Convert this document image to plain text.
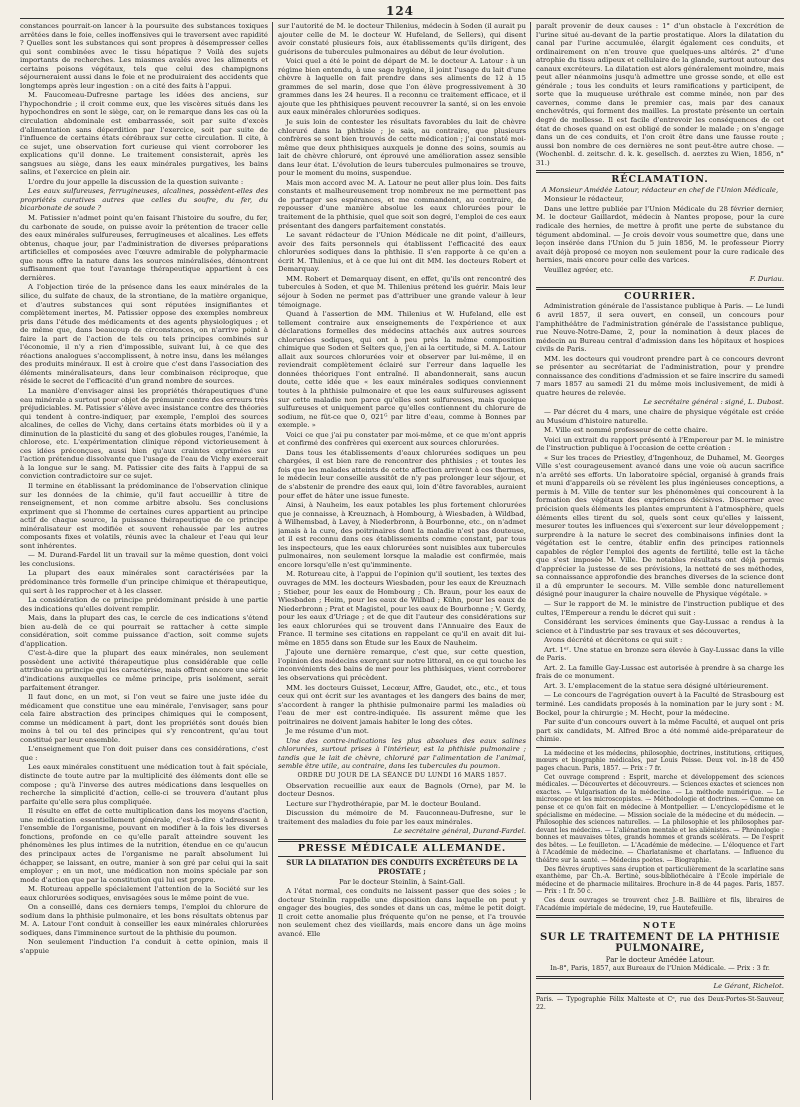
124

constances pourrait-on lancer à la poursuite des substances toxiques arrêtées dans le foie, celles inoffensives qui le traversent avec rapidité ? Quelles sont les substances qui sont propres à désempresser celles qui sont combinées avec le tissu hépatique ? Voilà des sujets importants de recherches. Les miasmes avalés avec les aliments et certains poisons végétaux, tels que celui des champignons séjourneraient aussi dans le foie et ne produiraient des accidents que longtemps après leur ingestion : on a cité des faits à l'appui.

M. Faucomeau-Dufresne partage les idées des anciens, sur l'hypochondrie ; il croit comme eux, que les viscères situés dans les hypochondres en sont le siège, car, on le remarque dans les cas où la circulation abdominale est embarrassée, soit par suite d'excès d'alimentation sans déperdition par l'exercice, soit par suite de l'influence de certains états cérébraux sur cette circulation. Il cite, à ce sujet, une observation fort curieuse qui vient corroborer les explications qu'il donne. Le traitement consisterait, après les sangsues au siège, dans les eaux minérales purgatives, les bains salins, et l'exercice en plein air.

L'ordre du jour appelle la discussion de la question suivante :

Les eaux sulfureuses, ferrugineuses, alcalines, possèdent-elles des propriétés curatives autres que celles du soufre, du fer, du bicarbonate de soude ?

M. Patissier n'admet point qu'en faisant l'histoire du soufre, du fer, du carbonate de soude, on puisse avoir la prétention de tracer celle des eaux minérales sulfureuses, ferrugineuses et alcalines. Les effets obtenus, chaque jour, par l'administration de diverses préparations artificielles et composées avec l'œuvre admirable de polypharmacie que nous offre la nature dans les sources minéralisées, démontrent suffisamment que tout l'avantage thérapeutique appartient à ces dernières.

A l'objection tirée de la présence dans les eaux minérales de la silice, du sulfate de chaux, de la strontiane, de la matière organique, et d'autres substances qui sont réputées insignifiantes et complètement inertes, M. Patissier oppose des exemples nombreux pris dans l'étude des médicaments et des agents physiologiques ; et de même que, dans beaucoup de circonstances, on n'arrive point à faire la part de l'action de tels ou tels principes combinés sur l'économie, il n'y a rien d'impossible, suivant lui, à ce que des réactions analogues s'accomplissent, à notre insu, dans les mélanges des produits minéraux. Il est à croire que c'est dans l'association des éléments minéralisateurs, dans leur combinaison réciproque, que réside le secret de l'efficacité d'un grand nombre de sources.

La manière d'envisager ainsi les propriétés thérapeutiques d'une eau minérale a surtout pour objet de prémunir contre des erreurs très préjudiciables. M. Patissier s'élève avec insistance contre des théories qui tendent à contre-indiquer, par exemple, l'emploi des sources alcalines, de celles de Vichy, dans certains états morbides où il y a diminution de la plasticité du sang et des globules rouges, l'anémie, la chlorose, etc. L'expérimentation clinique répond victorieusement à ces idées préconçues, aussi bien qu'aux craintes exprimées sur l'action prétendue dissolvante que l'usage de l'eau de Vichy exercerait à la longue sur le sang. M. Patissier cite des faits à l'appui de sa conviction contradictoire sur ce sujet.

Il termine en établissant la prédominance de l'observation clinique sur les données de la chimie, qu'il faut accueillir à titre de renseignement, et non comme arbitre absolu. Ses conclusions expriment que si l'homme de certaines cures appartient au principe actif de chaque source, la puissance thérapeutique de ce principe minéralisateur est modifiée et souvent rehaussée par les autres composants fixes et volatils, réunis avec la chaleur et l'eau qui leur sont inhérentes.

— M. Durand-Fardel lit un travail sur la même question, dont voici les conclusions.

La plupart des eaux minérales sont caractérisées par la prédominance très formelle d'un principe chimique et thérapeutique, qui sert à les rapprocher et à les classer.

La considération de ce principe prédominant préside à une partie des indications qu'elles doivent remplir.

Mais, dans la plupart des cas, le cercle de ces indications s'étend bien au-delà de ce qui pourrait se rattacher à cette simple considération, soit comme puissance d'action, soit comme sujets d'application.

C'est-à-dire que la plupart des eaux minérales, non seulement possèdent une activité thérapeutique plus considérable que celle attribuée au principe qui les caractérise, mais offrent encore une série d'indications auxquelles ce même principe, pris isolément, serait parfaitement étranger.

Il faut donc, en un mot, si l'on veut se faire une juste idée du médicament que constitue une eau minérale, l'envisager, sans pour cela faire abstraction des principes chimiques qui le composent, comme un médicament à part, dont les propriétés sont doués bien moins à tel ou tel des principes qui s'y rencontrent, qu'au tout constitué par leur ensemble.

L'enseignement que l'on doit puiser dans ces considérations, c'est que :

Les eaux minérales constituent une médication tout à fait spéciale, distincte de toute autre par la multiplicité des éléments dont elle se compose ; qu'à l'inverse des autres médications dans lesquelles on recherche la simplicité d'action, celle-ci se trouvera d'autant plus parfaite qu'elle sera plus compliquée.

Il résulte en effet de cette multiplication dans les moyens d'action, une médication essentiellement générale, c'est-à-dire s'adressant à l'ensemble de l'organisme, pouvant en modifier à la fois les diverses fonctions, profonde en ce qu'elle paraît atteindre souvent les phénomènes les plus intimes de la nutrition, étendue en ce qu'aucun des principaux actes de l'organisme ne paraît absolument lui échapper, se laissant, en outre, manier à son gré par celui qui la sait employer ; en un mot, une médication non moins spéciale par son mode d'action que par la constitution qui lui est propre.

M. Rotureau appelle spécialement l'attention de la Société sur les eaux chlorurées sodiques, envisagées sous le même point de vue.

On a conseillé, dans ces derniers temps, l'emploi du chlorure de sodium dans la phthisie pulmonaire, et les bons résultats obtenus par M. A. Latour l'ont conduit à conseiller les eaux minérales chlorurées sodiques, dans l'imminence surtout de la phthisie du poumon.

Non seulement l'induction l'a conduit à cette opinion, mais il s'appuie

sur l'autorité de M. le docteur Thilenius, médecin à Soden (il aurait pu ajouter celle de M. le docteur W. Hufeland, de Sellers), qui disent avoir constaté plusieurs fois, aux établissements qu'ils dirigent, des guérisons de tubercules pulmonaires au début de leur évolution.

Voici quel a été le point de départ de M. le docteur A. Latour : à un régime bien entendu, à une sage hygiène, il joint l'usage du lait d'une chèvre à laquelle on fait prendre dans ses aliments de 12 à 15 grammes de sel marin, dose que l'on élève progressivement à 30 grammes dans les 24 heures. Il a reconnu ce traitement efficace, et il ajoute que les phthisiques peuvent recouvrer la santé, si on les envoie aux eaux minérales chlorurées sodiques.

Je suis loin de contester les résultats favorables du lait de chèvre chloruré dans la phthisie ; je sais, au contraire, que plusieurs confrères se sont bien trouvés de cette médication ; j'ai constaté moi-même que deux phthisiques auxquels je donne des soins, soumis au lait de chèvre chloruré, ont éprouvé une amélioration assez sensible dans leur état. L'évolution de leurs tubercules pulmonaires se trouve, pour le moment du moins, suspendue.

Mais mon accord avec M. A. Latour ne peut aller plus loin. Des faits constants et malheureusement trop nombreux ne me permettent pas de partager ses espérances, et me commandent, au contraire, de repousser d'une manière absolue les eaux chlorurées pour le traitement de la phthisie, quel que soit son degré, l'emploi de ces eaux présentant des dangers parfaitement constatés.

Le savant rédacteur de l'Union Médicale ne dit point, d'ailleurs, avoir des faits personnels qui établissent l'efficacité des eaux chlorurées sodiques dans la phthisie. Il s'en rapporte à ce qu'en a écrit M. Thilenius, et à ce que lui ont dit MM. les docteurs Robert et Demarquay.

MM. Robert et Demarquay disent, en effet, qu'ils ont rencontré des tubercules à Soden, et que M. Thilenius prétend les guérir. Mais leur séjour à Soden ne permet pas d'attribuer une grande valeur à leur témoignage.

Quand à l'assertion de MM. Thilenius et W. Hufeland, elle est tellement contraire aux enseignements de l'expérience et aux déclarations formelles des médecins attachés aux autres sources chlorurées sodiques, qui ont à peu près la même composition chimique que Soden et Selters que, j'en ai la certitude, si M. A. Latour allait aux sources chlorurées voir et observer par lui-même, il en reviendrait complètement éclairé sur l'erreur dans laquelle les données théoriques l'ont entraîné. Il abandonnerait, sans aucun doute, cette idée que « les eaux minérales sodiques conviennent toutes à la phthisie pulmonaire et que les eaux sulfureuses agissent sur cette maladie non parce qu'elles sont sulfureuses, mais quoique sulfureuses et uniquement parce qu'elles contiennent du chlorure de sodium, ne fût-ce que 0, 021ᴳ par litre d'eau, comme à Bonnes par exemple. »

Voici ce que j'ai pu constater par moi-même, et ce que m'ont appris et confirmé des confrères qui exercent aux sources chlorurées.

Dans tous les établissements d'eaux chlorurées sodiques un peu chargées, il est bien rare de rencontrer des phthisies ; et toutes les fois que les malades atteints de cette affection arrivent à ces thermes, le médecin leur conseille aussitôt de n'y pas prolonger leur séjour, et de s'abstenir de prendre des eaux qui, loin d'être favorables, auraient pour effet de hâter une issue funeste.

Ainsi, à Nauheim, les eaux potables les plus fortement chlorurées que je connaisse, à Kreuznach, à Hombourg, à Wiesbaden, à Wildbad, à Wilhemsbad, à Lavey, à Niederbronn, à Bourbonne, etc., on n'admet jamais à la cure, des poitrinaires dont la maladie n'est pas douteuse, et il est reconnu dans ces établissements comme constant, par tous les inspecteurs, que les eaux chlorurées sont nuisibles aux tubercules pulmonaires, non seulement lorsque la maladie est confirmée, mais encore lorsqu'elle n'est qu'imminente.

M. Rotureau cite, à l'appui de l'opinion qu'il soutient, les textes des ouvrages de MM. les docteurs Wiesbaden, pour les eaux de Kreuznach ; Stieber, pour les eaux de Hombourg ; Ch. Braun, pour les eaux de Wiesbaden ; Heim, pour les eaux de Wilbad ; Kühn, pour les eaux de Niederbronn ; Prat et Magistel, pour les eaux de Bourbonne ; V. Gerdy, pour les eaux d'Uriage ; et de que dit l'auteur des considérations sur les eaux chlorurées qui se trouvent dans l'Annuaire des Eaux de France. Il termine ses citations en rappelant ce qu'il en avait dit lui-même en 1855 dans son Étude sur les Eaux de Nauheim.

J'ajoute une dernière remarque, c'est que, sur cette question, l'opinion des médecins exerçant sur notre littoral, en ce qui touche les inconvénients des bains de mer pour les phthisiques, vient corroborer les observations qui précèdent.

MM. les docteurs Guisset, Lecœur, Affre, Gaudet, etc., etc., et tous ceux qui ont écrit sur les avantages et les dangers des bains de mer, s'accordent à ranger la phthisie pulmonaire parmi les maladies où l'eau de mer est contre-indiquée. Ils assurent même que les poitrinaires ne doivent jamais habiter le long des côtes.

Je me résume d'un mot.

Une des contre-indications les plus absolues des eaux salines chlorurées, surtout prises à l'intérieur, est la phthisie pulmonaire ; tandis que le lait de chèvre, chloruré par l'alimentation de l'animal, semble être utile, au contraire, dans les tubercules du poumon.

ORDRE DU JOUR DE LA SÉANCE DU LUNDI 16 MARS 1857.

Observation recueillie aux eaux de Bagnols (Orne), par M. le docteur Desnos.

Lecture sur l'hydrothérapie, par M. le docteur Bouland.

Discussion du mémoire de M. Fauconneau-Dufresne, sur le traitement des maladies du foie par les eaux minérales.

Le secrétaire général, Durand-Fardel.

PRESSE MÉDICALE ALLEMANDE.
SUR LA DILATATION DES CONDUITS EXCRÉTEURS DE LA PROSTATE ;

Par le docteur Steinlin, à Saint-Gall.

A l'état normal, ces conduits ne laissent passer que des soies ; le docteur Steinlin rappelle une disposition dans laquelle on peut y engager des bougies, des sondes et dans un cas, même le petit doigt. Il croit cette anomalie plus fréquente qu'on ne pense, et l'a trouvée non seulement chez des vieillards, mais encore dans un âge moins avancé. Elle

paraît provenir de deux causes : 1° d'un obstacle à l'excrétion de l'urine situé au-devant de la partie prostatique. Alors la dilatation du canal par l'urine accumulée, élargit également ces conduits, et ordinairement on n'en trouve que quelques-uns altérés. 2° d'une atrophie du tissu adipeux et cellulaire de la glande, surtout autour des canaux excréteurs. La dilatation est alors généralement moindre, mais peut aller néanmoins jusqu'à admettre une grosse sonde, et elle est générale ; tous les conduits et leurs ramifications y participent, de sorte que la muqueuse uréthrale est comme minée, non par des cavernes, comme dans le premier cas, mais par des canaux enchevêtrés, qui forment des mailles. La prostate présente un certain degré de mollesse. Il est facile d'entrevoir les conséquences de cet état de choses quand on est obligé de sonder le malade ; on s'engage dans un de ces conduits, et l'on croit être dans une fausse route ; aussi bon nombre de ces dernières ne sont peut-être autre chose. — (Wochenbl. d. zeitschr. d. k. k. gesellsch. d. aerztes zu Wien, 1856, n° 31.)

RÉCLAMATION.

A Monsieur Amédée Latour, rédacteur en chef de l'Union Médicale,

Monsieur le rédacteur,

Dans une lettre publiée par l'Union Médicale du 28 février dernier, M. le docteur Gaillardot, médecin à Nantes propose, pour la cure radicale des hernies, de mettre à profit une perte de substance du tégument abdominal. — Je crois devoir vous soumettre que, dans une leçon insérée dans l'Union du 5 juin 1856, M. le professeur Piorry avait déjà proposé ce moyen non seulement pour la cure radicale des hernies, mais encore pour celle des varices.

Veuillez agréer, etc.

F. Duriau.

COURRIER.

Administration générale de l'assistance publique à Paris. — Le lundi 6 avril 1857, il sera ouvert, en conseil, un concours pour l'amphithéâtre de l'administration générale de l'assistance publique, rue Neuve-Notre-Dame, 2, pour la nomination à deux places de médecin au Bureau central d'admission dans les hôpitaux et hospices civils de Paris.

MM. les docteurs qui voudront prendre part à ce concours devront se présenter au secrétariat de l'administration, pour y prendre connaissance des conditions d'admission et se faire inscrire du samedi 7 mars 1857 au samedi 21 du même mois inclusivement, de midi à quatre heures de relevée.

Le secrétaire général : signé, L. Dubost.

— Par décret du 4 mars, une chaire de physique végétale est créée au Muséum d'histoire naturelle.

M. Ville est nommé professeur de cette chaire.

Voici un extrait du rapport présenté à l'Empereur par M. le ministre de l'instruction publique à l'occasion de cette création :

« Sur les traces de Priestley, d'Ingenhouz, de Duhamel, M. Georges Ville s'est courageusement avancé dans une voie où aucun sacrifice n'a arrêté ses efforts. Un laboratoire spécial, organisé à grands frais et muni d'appareils où se révèlent les plus ingénieuses conceptions, a permis à M. Ville de tenter sur les phénomènes qui concourent à la formation des végétaux des expériences décisives. Discerner avec précision quels éléments les plantes empruntent à l'atmosphère, quels éléments elles tirent du sol, quels sont ceux qu'elles y laissent, mesurer toutes les influences qui s'exercent sur leur développement ; surprendre à la nature le secret des combinaisons infinies dont la végétation est le centre, établir enfin des principes rationnels capables de régler l'emploi des agents de fertilité, telle est la tâche que s'est imposée M. Ville. De notables résultats ont déjà permis d'apprécier la justesse de ses prévisions, la netteté de ses méthodes, sa connaissance approfondie des branches diverses de la science dont il a dû emprunter le secours. M. Ville semble donc naturellement désigné pour inaugurer la chaire nouvelle de Physique végétale. »

— Sur le rapport de M. le ministre de l'instruction publique et des cultes, l'Empereur a rendu le décret qui suit :

Considérant les services éminents que Gay-Lussac a rendus à la science et à l'industrie par ses travaux et ses découvertes,

Avons décrété et décrétons ce qui suit :

Art. 1ᵉʳ. Une statue en bronze sera élevée à Gay-Lussac dans la ville de Paris.

Art. 2. La famille Gay-Lussac est autorisée à prendre à sa charge les frais de ce monument.

Art. 3. L'emplacement de la statue sera désigné ultérieurement.

— Le concours de l'agrégation ouvert à la Faculté de Strasbourg est terminé. Les candidats proposés à la nomination par le jury sont : M. Bockel, pour la chirurgie ; M. Hecht, pour la médecine.

Par suite d'un concours ouvert à la même Faculté, et auquel ont pris part six candidats, M. Alfred Broc a été nommé aide-préparateur de chimie.

La médecine et les médecins, philosophie, doctrines, institutions, critiques, mœurs et biographie médicales, par Louis Peisse. Deux vol. in-18 de 450 pages chacun. Paris, 1857. — Prix : 7 fr.

Cet ouvrage comprend : Esprit, marche et développement des sciences médicales. — Découvertes et découvreurs. — Sciences exactes et sciences non exactes. — Vulgarisation de la médecine. — La méthode numérique. — Le microscope et les microscopistes. — Méthodologie et doctrines. — Comme on pense et ce qu'on fait en médecine à Montpellier. — L'encyclopédisme et le spécialisme en médecine. — Mission sociale de la médecine et du médecin. — Philosophie des sciences naturelles. — La philosophie et les philosophes par-devant les médecins. — L'aliénation mentale et les aliénistes. — Phrénologie : bonnes et mauvaises têtes, grands hommes et grands scélérats. — De l'esprit des bêtes. — Le feuilleton. — L'Académie de médecine. — L'éloquence et l'art à l'Académie de médecine. — Charlatanisme et charlatans. — Influence du théâtre sur la santé. — Médecins poètes. — Biographie.

Des fièvres éruptives sans éruption et particulièrement de la scarlatine sans exanthème, par Ch.-A. Bertinè, sous-bibliothécaire à l'École impériale de médecine et de pharmacie militaires. Brochure in-8 de 44 pages. Paris, 1857. — Prix : 1 fr. 50 c.

Ces deux ouvrages se trouvent chez J.-B. Baillière et fils, libraires de l'Académie impériale de médecine, 19, rue Hautefeuille.

NOTE
SUR LE TRAITEMENT DE LA PHTHISIE PULMONAIRE,
Par le docteur Amédée Latour.
In-8°, Paris, 1857, aux Bureaux de l'Union Médicale. — Prix : 3 fr.

Le Gérant, Richelot.

Paris. — Typographie Félix Malteste et Cᵉ, rue des Deux-Portes-St-Sauveur, 22.
